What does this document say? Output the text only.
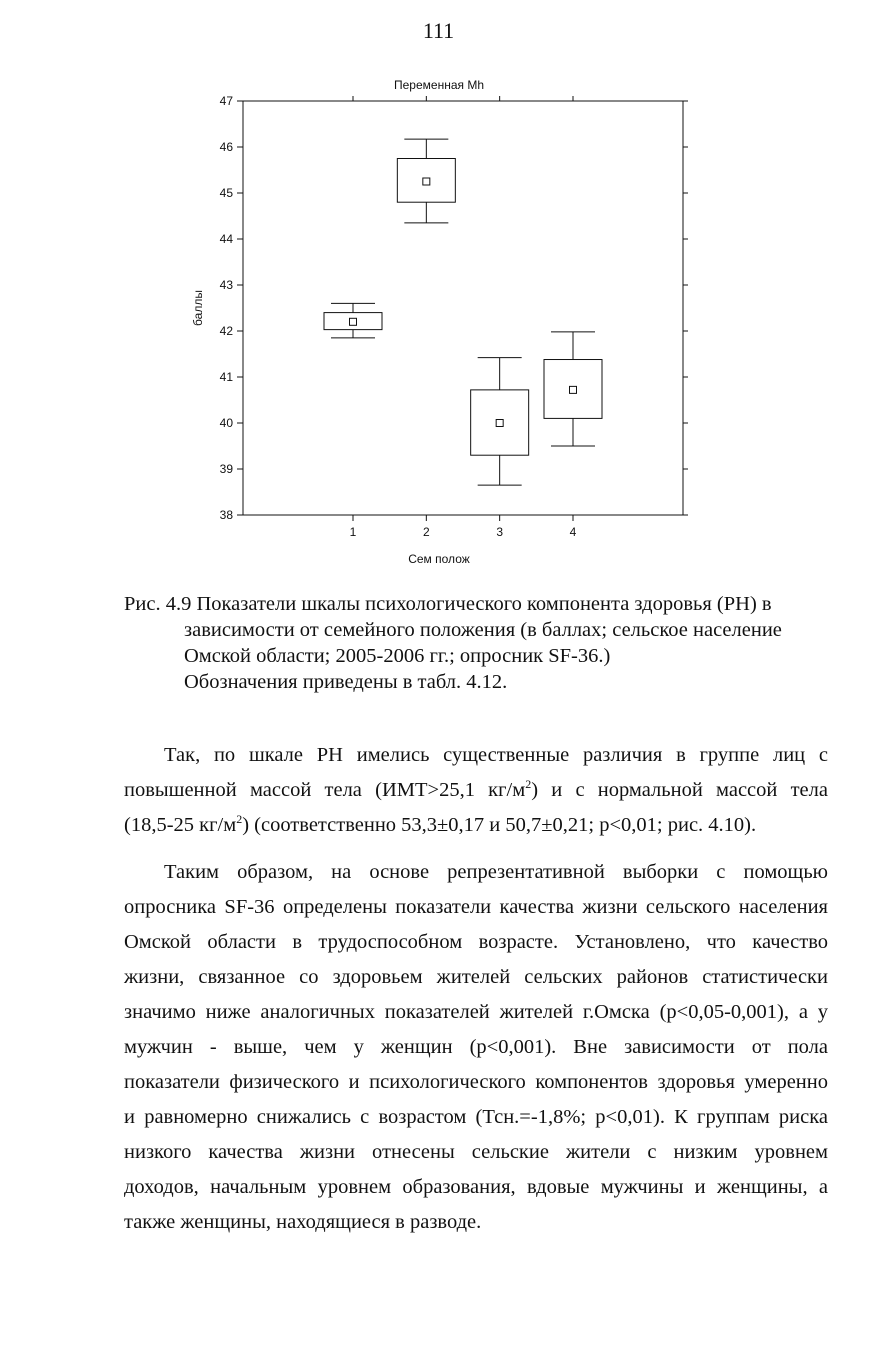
111
Переменная Mh
38
39
40
41
42
43
44
45
46
47
1	2	3	4
баллы
Сем полож
Рис. 4.9 Показатели шкалы психологического компонента здоровья (PH) в
зависимости от семейного положения (в баллах; сельское население
Омской области; 2005-2006 гг.; опросник SF-36.)
Обозначения приведены в табл. 4.12.
Так, по шкале PH имелись существенные различия в группе лиц с
повышенной массой тела (ИМТ>25,1 $кг/м^2$) и с нормальной массой тела
(18,5-25 $кг/м^2$) (соответственно 53,3±0,17 и 50,7±0,21; p<0,01; рис. 4.10).
Таким образом, на основе репрезентативной выборки с помощью
опросника SF-36 определены показатели качества жизни сельского населения
Омской области в трудоспособном возрасте. Установлено, что качество
жизни, связанное со здоровьем жителей сельских районов статистически
значимо ниже аналогичных показателей жителей г.Омска (p<0,05-0,001), а у
мужчин - выше, чем у женщин (p<0,001). Вне зависимости от пола
показатели физического и психологического компонентов здоровья умеренно
и равномерно снижались с возрастом (Тсн.=-1,8%; p<0,01). К группам риска
низкого качества жизни отнесены сельские жители с низким уровнем
доходов, начальным уровнем образования, вдовые мужчины и женщины, а
также женщины, находящиеся в разводе.
